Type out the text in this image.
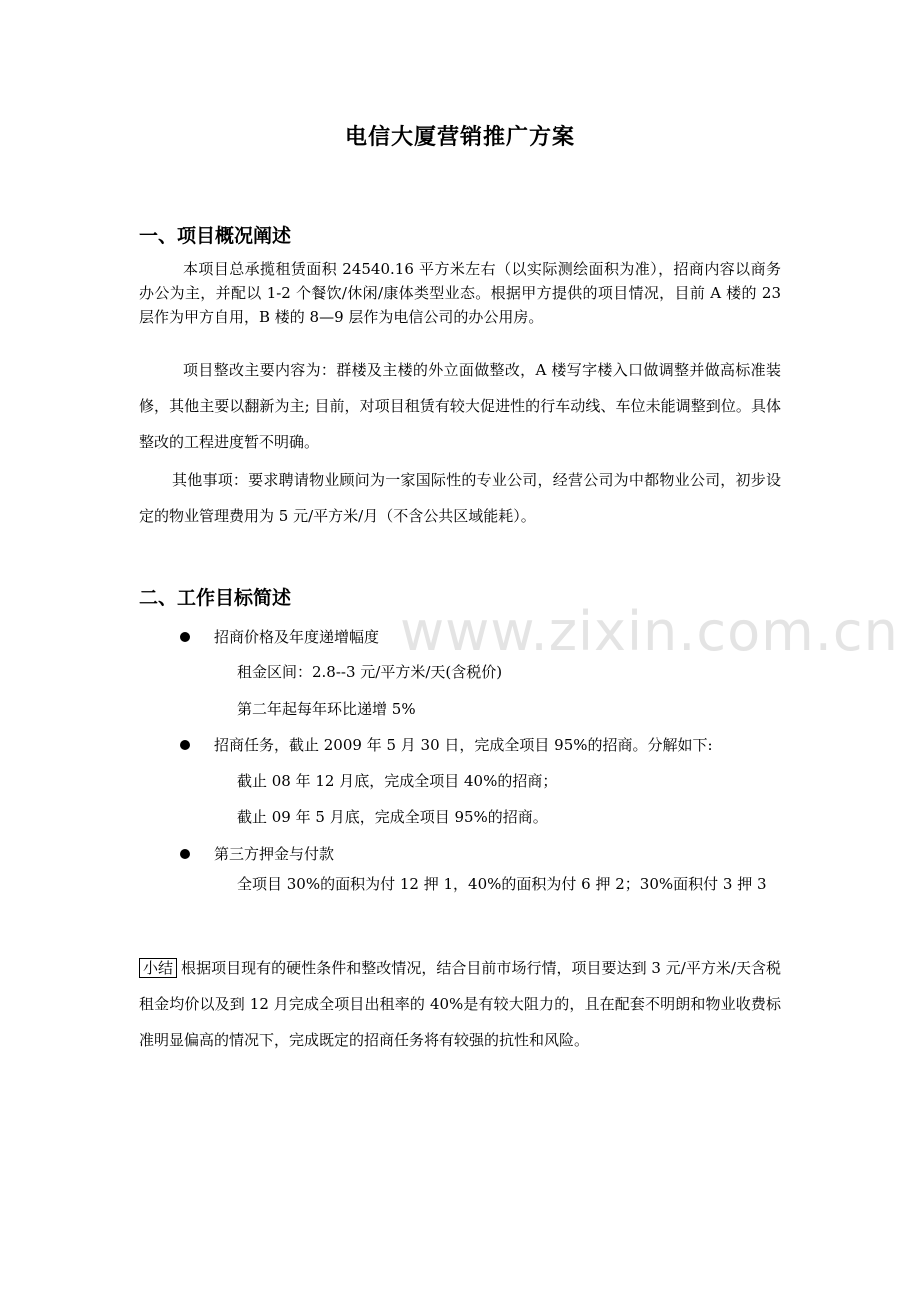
www.zixin.com.cn
电信大厦营销推广方案
一、项目概况阐述
本项目总承揽租赁面积 24540.16 平方米左右（以实际测绘面积为准），招商内容以商务办公为主，并配以 1-2 个餐饮/休闲/康体类型业态。根据甲方提供的项目情况，目前 A 楼的 23 层作为甲方自用，B 楼的 8—9 层作为电信公司的办公用房。
项目整改主要内容为：群楼及主楼的外立面做整改，A 楼写字楼入口做调整并做高标准装修，其他主要以翻新为主; 目前，对项目租赁有较大促进性的行车动线、车位未能调整到位。具体整改的工程进度暂不明确。
其他事项：要求聘请物业顾问为一家国际性的专业公司，经营公司为中都物业公司，初步设定的物业管理费用为 5 元/平方米/月（不含公共区域能耗）。
二、工作目标简述
招商价格及年度递增幅度
租金区间：2.8--3 元/平方米/天(含税价)
第二年起每年环比递增 5%
招商任务，截止 2009 年 5 月 30 日，完成全项目 95%的招商。分解如下:
截止 08 年 12 月底，完成全项目 40%的招商；
截止 09 年 5 月底，完成全项目 95%的招商。
第三方押金与付款
全项目 30%的面积为付 12 押 1，40%的面积为付 6 押 2；30%面积付 3 押 3
小结 根据项目现有的硬性条件和整改情况，结合目前市场行情，项目要达到 3 元/平方米/天含税租金均价以及到 12 月完成全项目出租率的 40%是有较大阻力的，且在配套不明朗和物业收费标准明显偏高的情况下，完成既定的招商任务将有较强的抗性和风险。
